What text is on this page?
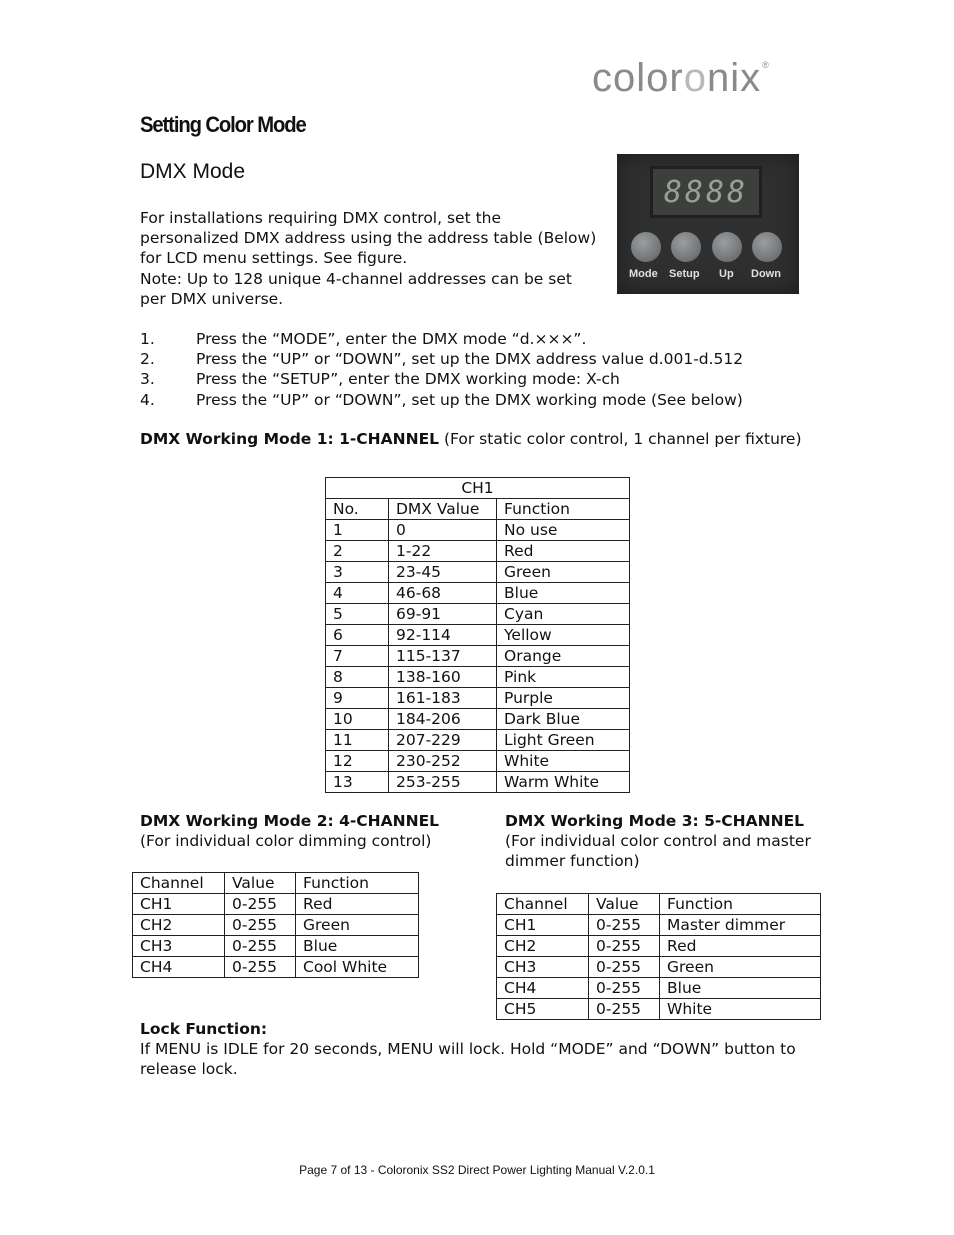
coloronix®
Setting Color Mode
DMX Mode
For installations requiring DMX control, set the
personalized DMX address using the address table (Below)
for LCD menu settings. See figure.
Note: Up to 128 unique 4-channel addresses can be set
per DMX universe.
8888
Mode Setup Up Down
1.	Press the “MODE”, enter the DMX mode “d.×××”.
2.	Press the “UP” or “DOWN”, set up the DMX address value d.001-d.512
3.	Press the “SETUP”, enter the DMX working mode: X-ch
4.	Press the “UP” or “DOWN”, set up the DMX working mode (See below)
DMX Working Mode 1: 1-CHANNEL (For static color control, 1 channel per fixture)
CH1		
No.	DMX Value	Function
1	0	No use
2	1-22	Red
3	23-45	Green
4	46-68	Blue
5	69-91	Cyan
6	92-114	Yellow
7	115-137	Orange
8	138-160	Pink
9	161-183	Purple
10	184-206	Dark Blue
11	207-229	Light Green
12	230-252	White
13	253-255	Warm White
DMX Working Mode 2: 4-CHANNEL
(For individual color dimming control)
DMX Working Mode 3: 5-CHANNEL
(For individual color control and master
dimmer function)
Channel	Value	Function
CH1	0-255	Red
CH2	0-255	Green
CH3	0-255	Blue
CH4	0-255	Cool White
Channel	Value	Function
CH1	0-255	Master dimmer
CH2	0-255	Red
CH3	0-255	Green
CH4	0-255	Blue
CH5	0-255	White
Lock Function:
If MENU is IDLE for 20 seconds, MENU will lock. Hold “MODE” and “DOWN” button to
release lock.
Page 7 of 13 - Coloronix SS2 Direct Power Lighting Manual V.2.0.1
